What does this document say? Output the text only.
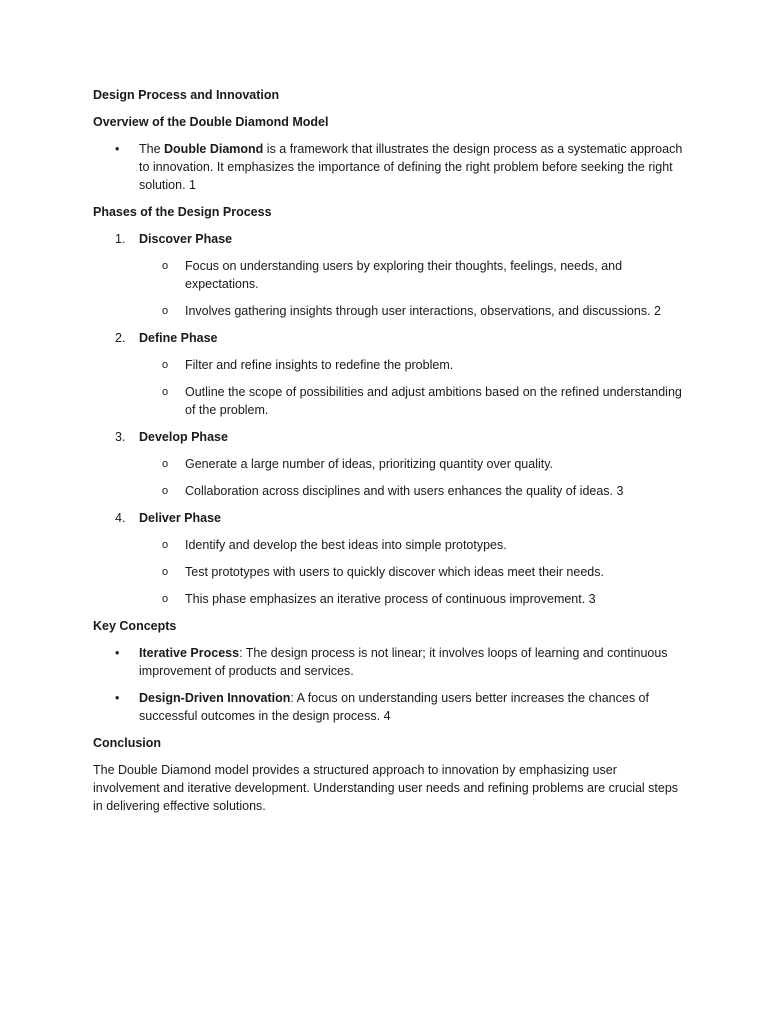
Design Process and Innovation

Overview of the Double Diamond Model

•	The Double Diamond is a framework that illustrates the design process as a systematic approach to innovation. It emphasizes the importance of defining the right problem before seeking the right solution. 1

Phases of the Design Process

1. Discover Phase
o Focus on understanding users by exploring their thoughts, feelings, needs, and expectations.
o Involves gathering insights through user interactions, observations, and discussions. 2
2. Define Phase
o Filter and refine insights to redefine the problem.
o Outline the scope of possibilities and adjust ambitions based on the refined understanding of the problem.
3. Develop Phase
o Generate a large number of ideas, prioritizing quantity over quality.
o Collaboration across disciplines and with users enhances the quality of ideas. 3
4. Deliver Phase
o Identify and develop the best ideas into simple prototypes.
o Test prototypes with users to quickly discover which ideas meet their needs.
o This phase emphasizes an iterative process of continuous improvement. 3

Key Concepts

•	Iterative Process: The design process is not linear; it involves loops of learning and continuous improvement of products and services.
•	Design-Driven Innovation: A focus on understanding users better increases the chances of successful outcomes in the design process. 4

Conclusion

The Double Diamond model provides a structured approach to innovation by emphasizing user involvement and iterative development. Understanding user needs and refining problems are crucial steps in delivering effective solutions.
